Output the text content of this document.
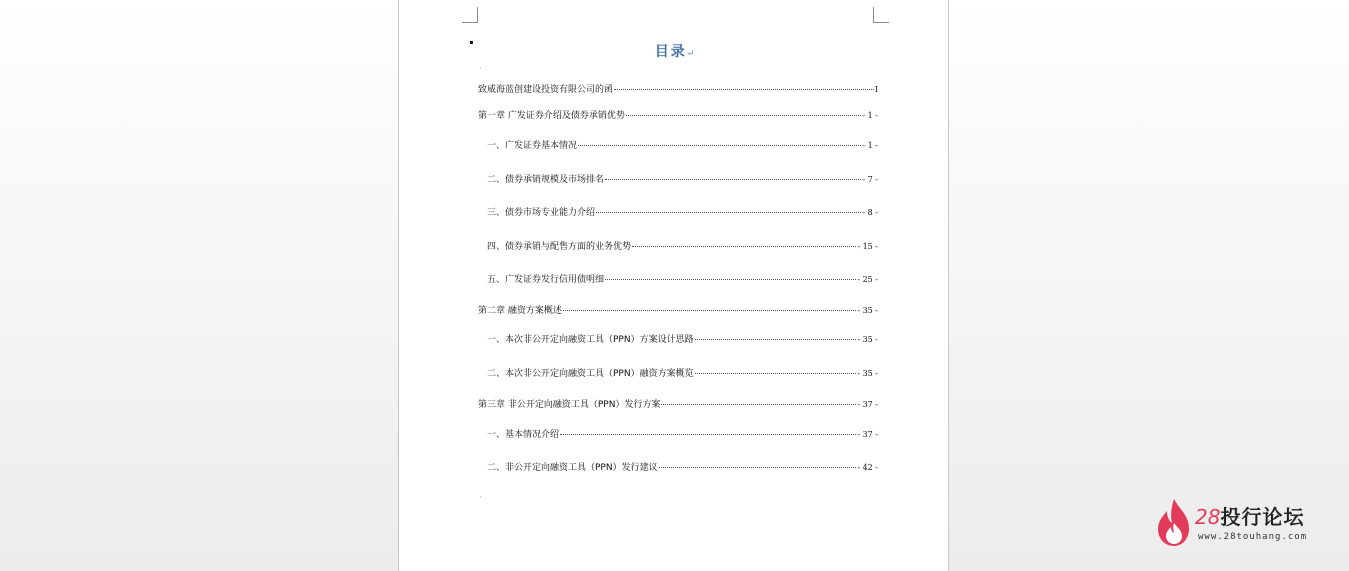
目录↵
'
致威海蓝创建设投资有限公司的函	I
第一章 广发证券介绍及债券承销优势	- 1 -
一、广发证券基本情况	- 1 -
二、债券承销规模及市场排名	- 7 -
三、债券市场专业能力介绍	- 8 -
四、债券承销与配售方面的业务优势	- 15 -
五、广发证券发行信用债明细	- 25 -
第二章 融资方案概述	- 35 -
一、本次非公开定向融资工具（PPN）方案设计思路	- 35 -
二、本次非公开定向融资工具（PPN）融资方案概览	- 35 -
第三章 非公开定向融资工具（PPN）发行方案	- 37 -
一、基本情况介绍	- 37 -
二、非公开定向融资工具（PPN）发行建议	- 42 -
'
28投行论坛
www.28touhang.com
